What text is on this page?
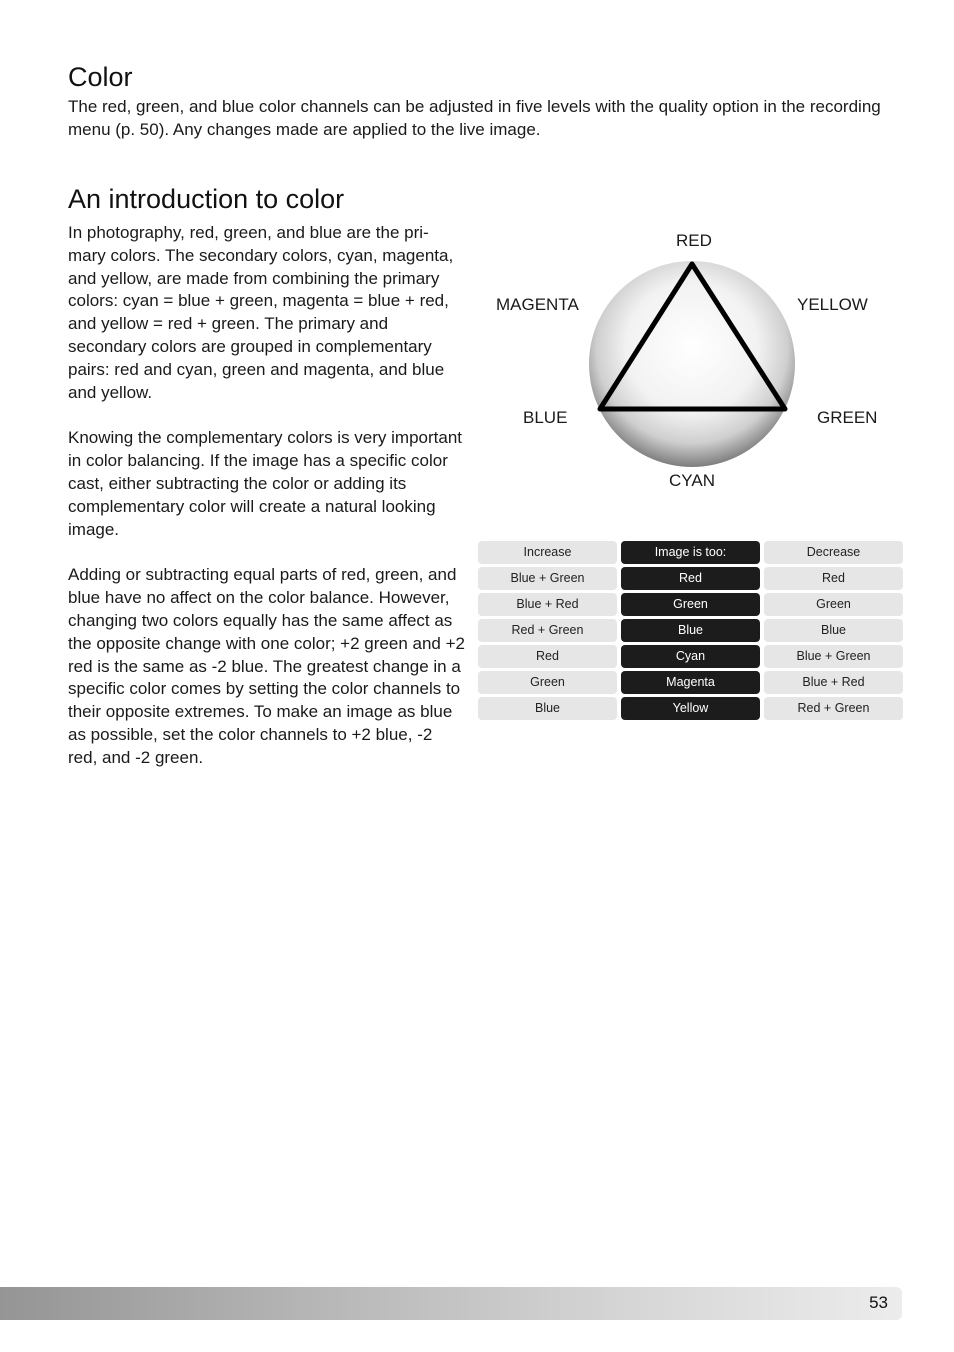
Color

The red, green, and blue color channels can be adjusted in five levels with the quality option in the recording menu (p. 50). Any changes made are applied to the live image.

An introduction to color

In photography, red, green, and blue are the pri-mary colors. The secondary colors, cyan, magenta, and yellow, are made from combining the primary colors: cyan = blue + green, magenta = blue + red, and yellow = red + green. The primary and secondary colors are grouped in complementary pairs: red and cyan, green and magenta, and blue and yellow.

Knowing the complementary colors is very important in color balancing. If the image has a specific color cast, either subtracting the color or adding its complementary color will create a natural looking image.

Adding or subtracting equal parts of red, green, and blue have no affect on the color balance. However, changing two colors equally has the same affect as the opposite change with one color; +2 green and +2 red is the same as -2 blue. The greatest change in a specific color comes by setting the color channels to their opposite extremes. To make an image as blue as possible, set the color channels to +2 blue, -2 red, and -2 green.

RED
YELLOW
GREEN
CYAN
BLUE
MAGENTA
Increase	Image is too:	Decrease
Blue + Green	Red	Red
Blue + Red	Green	Green
Red + Green	Blue	Blue
Red	Cyan	Blue + Green
Green	Magenta	Blue + Red
Blue	Yellow	Red + Green
53
